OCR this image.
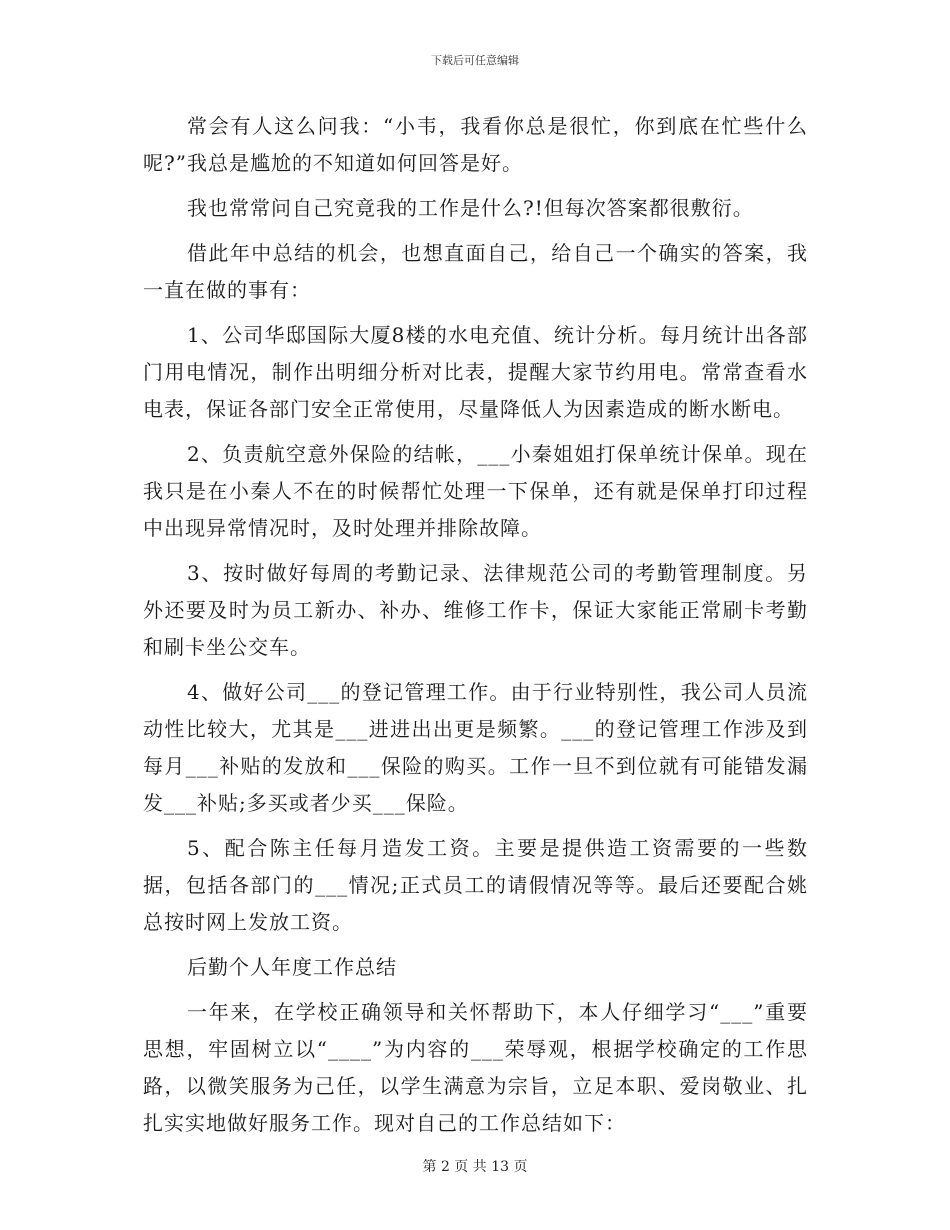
下载后可任意编辑

常会有人这么问我：“小韦，我看你总是很忙，你到底在忙些什么呢?”我总是尴尬的不知道如何回答是好。

我也常常问自己究竟我的工作是什么?!但每次答案都很敷衍。

借此年中总结的机会，也想直面自己，给自己一个确实的答案，我一直在做的事有：

1、公司华邸国际大厦8楼的水电充值、统计分析。每月统计出各部门用电情况，制作出明细分析对比表，提醒大家节约用电。常常查看水电表，保证各部门安全正常使用，尽量降低人为因素造成的断水断电。

2、负责航空意外保险的结帐，___小秦姐姐打保单统计保单。现在我只是在小秦人不在的时候帮忙处理一下保单，还有就是保单打印过程中出现异常情况时，及时处理并排除故障。

3、按时做好每周的考勤记录、法律规范公司的考勤管理制度。另外还要及时为员工新办、补办、维修工作卡，保证大家能正常刷卡考勤和刷卡坐公交车。

4、做好公司___的登记管理工作。由于行业特别性，我公司人员流动性比较大，尤其是___进进出出更是频繁。___的登记管理工作涉及到每月___补贴的发放和___保险的购买。工作一旦不到位就有可能错发漏发___补贴;多买或者少买___保险。

5、配合陈主任每月造发工资。主要是提供造工资需要的一些数据，包括各部门的___情况;正式员工的请假情况等等。最后还要配合姚总按时网上发放工资。

后勤个人年度工作总结

一年来，在学校正确领导和关怀帮助下，本人仔细学习“___”重要思想，牢固树立以“____”为内容的___荣辱观，根据学校确定的工作思路，以微笑服务为己任，以学生满意为宗旨，立足本职、爱岗敬业、扎扎实实地做好服务工作。现对自己的工作总结如下：

第 2 页 共 13 页
